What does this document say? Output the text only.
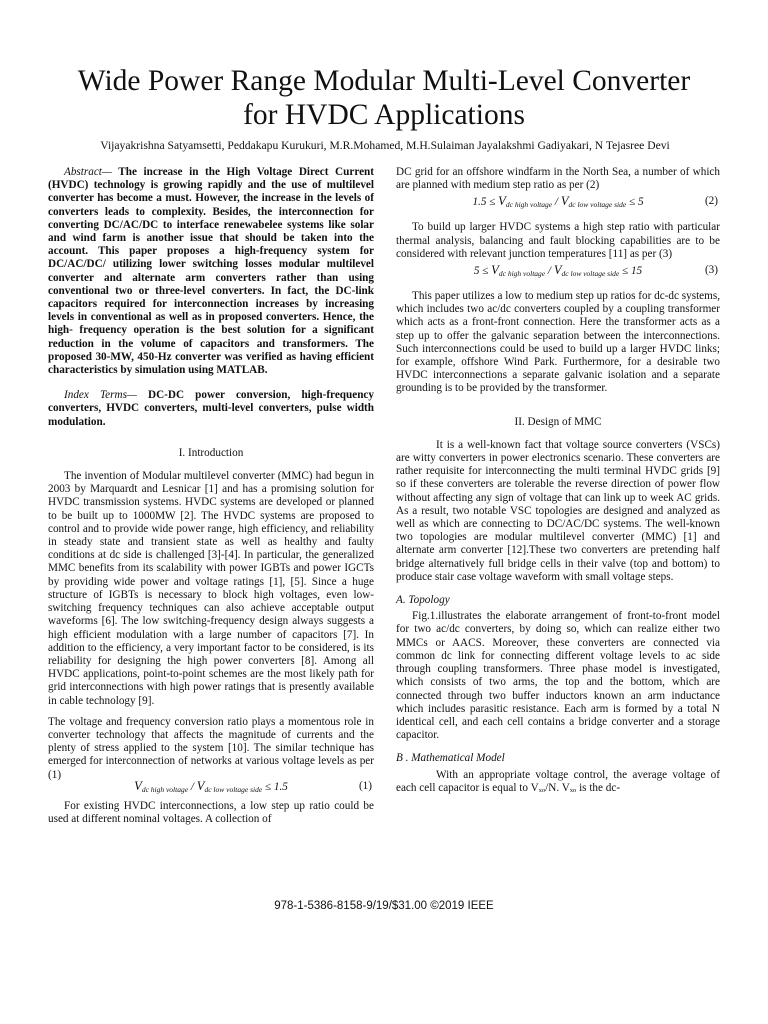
Wide Power Range Modular Multi-Level Converter
for HVDC Applications
Vijayakrishna Satyamsetti, Peddakapu Kurukuri, M.R.Mohamed, M.H.Sulaiman Jayalakshmi Gadiyakari, N Tejasree Devi

Abstract— The increase in the High Voltage Direct Current (HVDC) technology is growing rapidly and the use of multilevel converter has become a must. However, the increase in the levels of converters leads to complexity. Besides, the interconnection for converting DC/AC/DC to interface renewabelee systems like solar and wind farm is another issue that should be taken into the account. This paper proposes a high-frequency system for DC/AC/DC/ utilizing lower switching losses modular multilevel converter and alternate arm converters rather than using conventional two or three-level converters. In fact, the DC-link capacitors required for interconnection increases by increasing levels in conventional as well as in proposed converters. Hence, the high- frequency operation is the best solution for a significant reduction in the volume of capacitors and transformers. The proposed 30-MW, 450-Hz converter was verified as having efficient characteristics by simulation using MATLAB.

Index Terms— DC-DC power conversion, high-frequency converters, HVDC converters, multi-level converters, pulse width modulation.

I. Introduction

The invention of Modular multilevel converter (MMC) had begun in 2003 by Marquardt and Lesnicar [1] and has a promising solution for HVDC transmission systems. HVDC systems are developed or planned to be built up to 1000MW [2]. The HVDC systems are proposed to control and to provide wide power range, high efficiency, and reliability in steady state and transient state as well as healthy and faulty conditions at dc side is challenged [3]-[4]. In particular, the generalized MMC benefits from its scalability with power IGBTs and power IGCTs by providing wide power and voltage ratings [1], [5]. Since a huge structure of IGBTs is necessary to block high voltages, even low-switching frequency techniques can also achieve acceptable output waveforms [6]. The low switching-frequency design always suggests a high efficient modulation with a large number of capacitors [7]. In addition to the efficiency, a very important factor to be considered, is its reliability for designing the high power converters [8]. Among all HVDC applications, point-to-point schemes are the most likely path for grid interconnections with high power ratings that is presently available in cable technology [9].

The voltage and frequency conversion ratio plays a momentous role in converter technology that affects the magnitude of currents and the plenty of stress applied to the system [10]. The similar technique has emerged for interconnection of networks at various voltage levels as per (1)

$V_{dc high voltage} / V_{dc low voltage side} \le 1.5$	(1)

For existing HVDC interconnections, a low step up ratio could be used at different nominal voltages. A collection of

DC grid for an offshore windfarm in the North Sea, a number of which are planned with medium step ratio as per (2)

$1.5 \le V_{dc high voltage} / V_{dc low voltage side} \le 5$	(2)

To build up larger HVDC systems a high step ratio with particular thermal analysis, balancing and fault blocking capabilities are to be considered with relevant junction temperatures [11] as per (3)

$5 \le V_{dc high voltage} / V_{dc low voltage side} \le 15$	(3)

This paper utilizes a low to medium step up ratios for dc-dc systems, which includes two ac/dc converters coupled by a coupling transformer which acts as a front-front connection. Here the transformer acts as a step up to offer the galvanic separation between the interconnections. Such interconnections could be used to build up a larger HVDC links; for example, offshore Wind Park. Furthermore, for a desirable two HVDC interconnections a separate galvanic isolation and a separate grounding is to be provided by the transformer.

II. Design of MMC

It is a well-known fact that voltage source converters (VSCs) are witty converters in power electronics scenario. These converters are rather requisite for interconnecting the multi terminal HVDC grids [9] so if these converters are tolerable the reverse direction of power flow without affecting any sign of voltage that can link up to week AC grids. As a result, two notable VSC topologies are designed and analyzed as well as which are connecting to DC/AC/DC systems. The well-known two topologies are modular multilevel converter (MMC) [1] and alternate arm converter [12].These two converters are pretending half bridge alternatively full bridge cells in their valve (top and bottom) to produce stair case voltage waveform with small voltage steps.

A. Topology

Fig.1.illustrates the elaborate arrangement of front-to-front model for two ac/dc converters, by doing so, which can realize either two MMCs or AACS. Moreover, these converters are connected via common dc link for connecting different voltage levels to ac side through coupling transformers. Three phase model is investigated, which consists of two arms, the top and the bottom, which are connected through two buffer inductors known an arm inductance which includes parasitic resistance. Each arm is formed by a total N identical cell, and each cell contains a bridge converter and a storage capacitor.

B . Mathematical Model

With an appropriate voltage control, the average voltage of each cell capacitor is equal to Vₓₒ/N. Vₓₒ is the dc-

978-1-5386-8158-9/19/$31.00 ©2019 IEEE
